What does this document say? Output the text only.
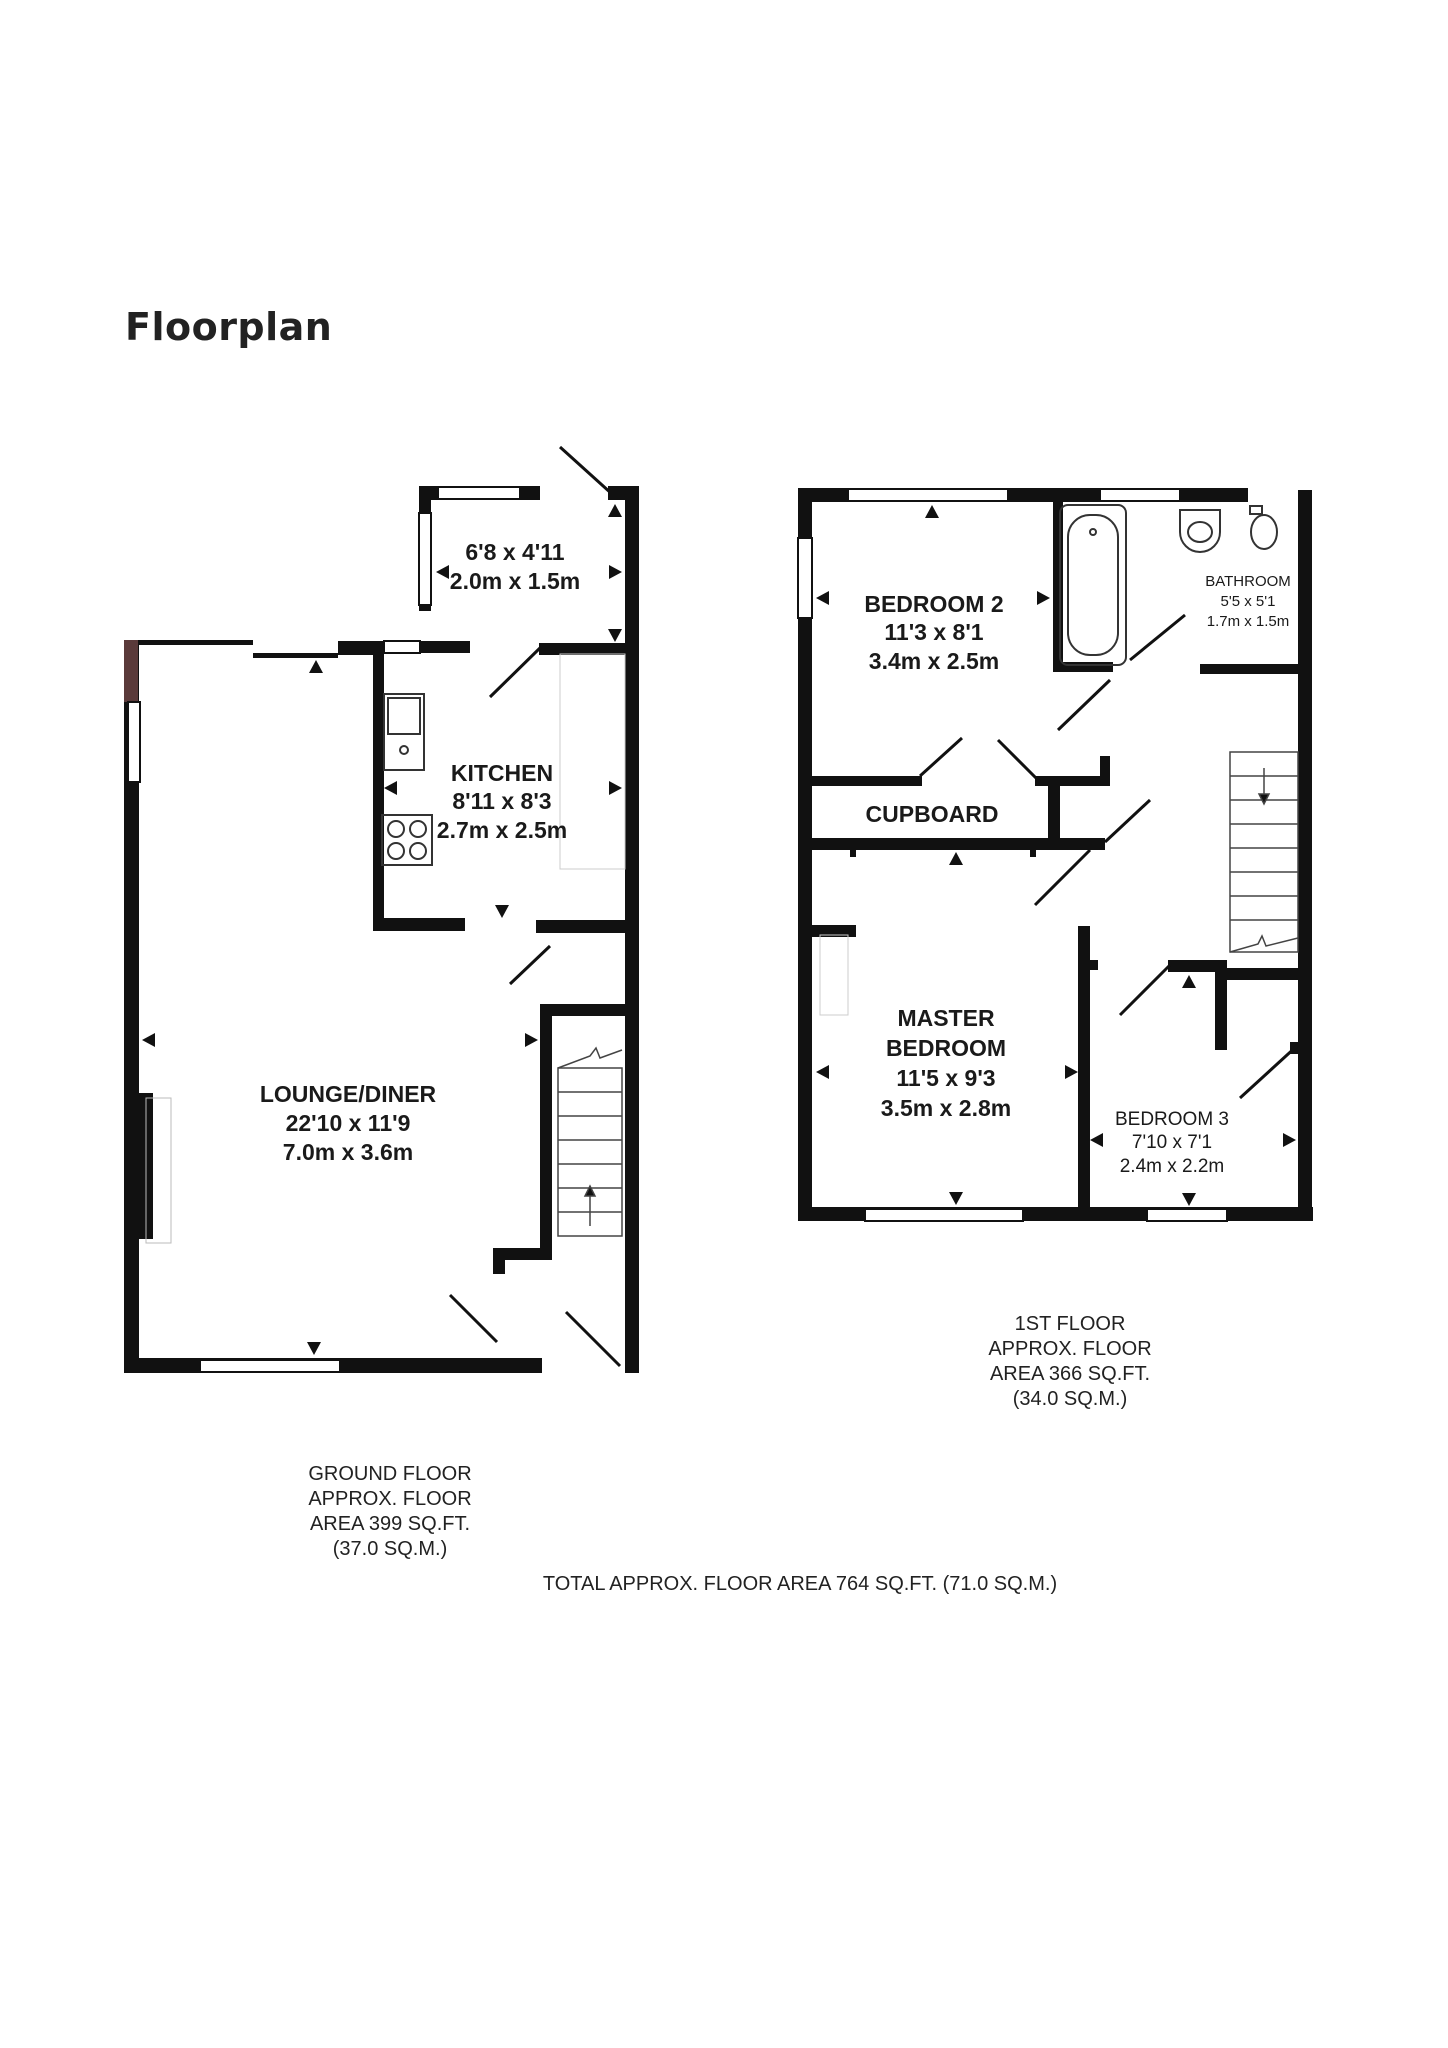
Floorplan
6'8 x 4'11
2.0m x 1.5m
KITCHEN
8'11 x 8'3
2.7m x 2.5m
LOUNGE/DINER
22'10 x 11'9
7.0m x 3.6m
BEDROOM 2
11'3 x 8'1
3.4m x 2.5m
BATHROOM
5'5 x 5'1
1.7m x 1.5m
CUPBOARD
MASTER
BEDROOM
11'5 x 9'3
3.5m x 2.8m	BEDROOM 3
7'10 x 7'1
2.4m x 2.2m
1ST FLOOR
APPROX. FLOOR
AREA 366 SQ.FT.
(34.0 SQ.M.)
GROUND FLOOR
APPROX. FLOOR
AREA 399 SQ.FT.
(37.0 SQ.M.)
TOTAL APPROX. FLOOR AREA 764 SQ.FT. (71.0 SQ.M.)
